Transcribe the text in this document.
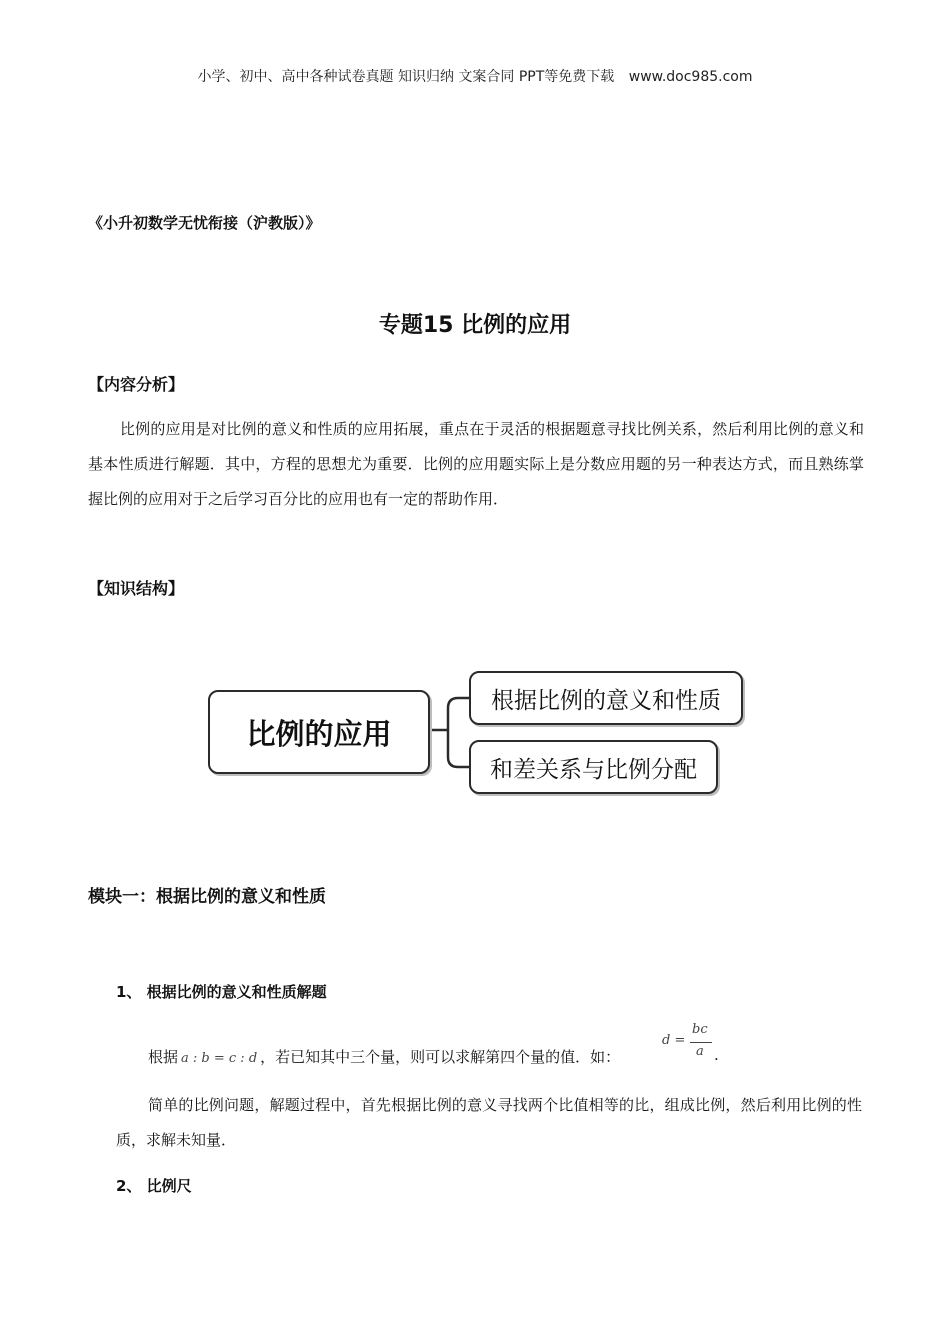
小学、初中、高中各种试卷真题 知识归纳 文案合同 PPT等免费下载 www.doc985.com
《小升初数学无忧衔接（沪教版）》
专题15 比例的应用
【内容分析】
比例的应用是对比例的意义和性质的应用拓展，重点在于灵活的根据题意寻找比例关系，然后利用比例的意义和基本性质进行解题．其中，方程的思想尤为重要．比例的应用题实际上是分数应用题的另一种表达方式，而且熟练掌握比例的应用对于之后学习百分比的应用也有一定的帮助作用．
【知识结构】
比例的应用
根据比例的意义和性质
和差关系与比例分配
模块一：根据比例的意义和性质
1、 根据比例的意义和性质解题
根据 a : b = c : d ，若已知其中三个量，则可以求解第四个量的值．如：
d =
bc
a .
简单的比例问题，解题过程中，首先根据比例的意义寻找两个比值相等的比，组成比例，然后利用比例的性质，求解未知量．
2、 比例尺
